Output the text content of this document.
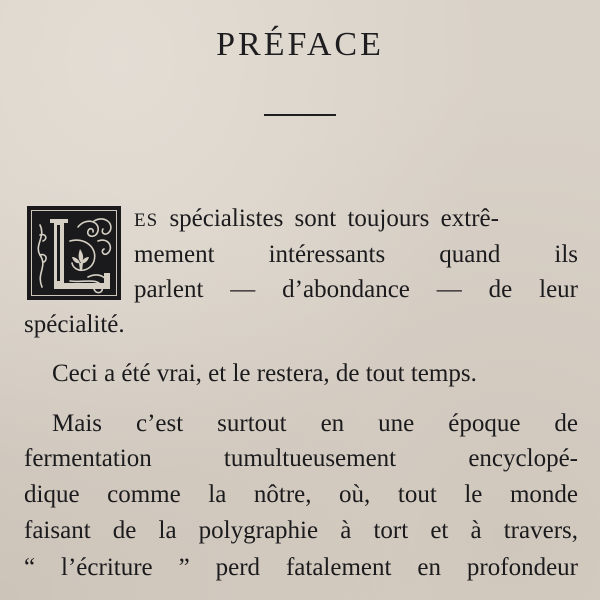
PRÉFACE
ES spécialistes sont toujours extrê-
mement intéressants quand ils
parlent — d’abondance — de leur
spécialité.
Ceci a été vrai, et le restera, de tout temps.
Mais c’est surtout en une époque de
fermentation tumultueusement encyclopé-
dique comme la nôtre, où, tout le monde
faisant de la polygraphie à tort et à travers,
“ l’écriture ” perd fatalement en profondeur
